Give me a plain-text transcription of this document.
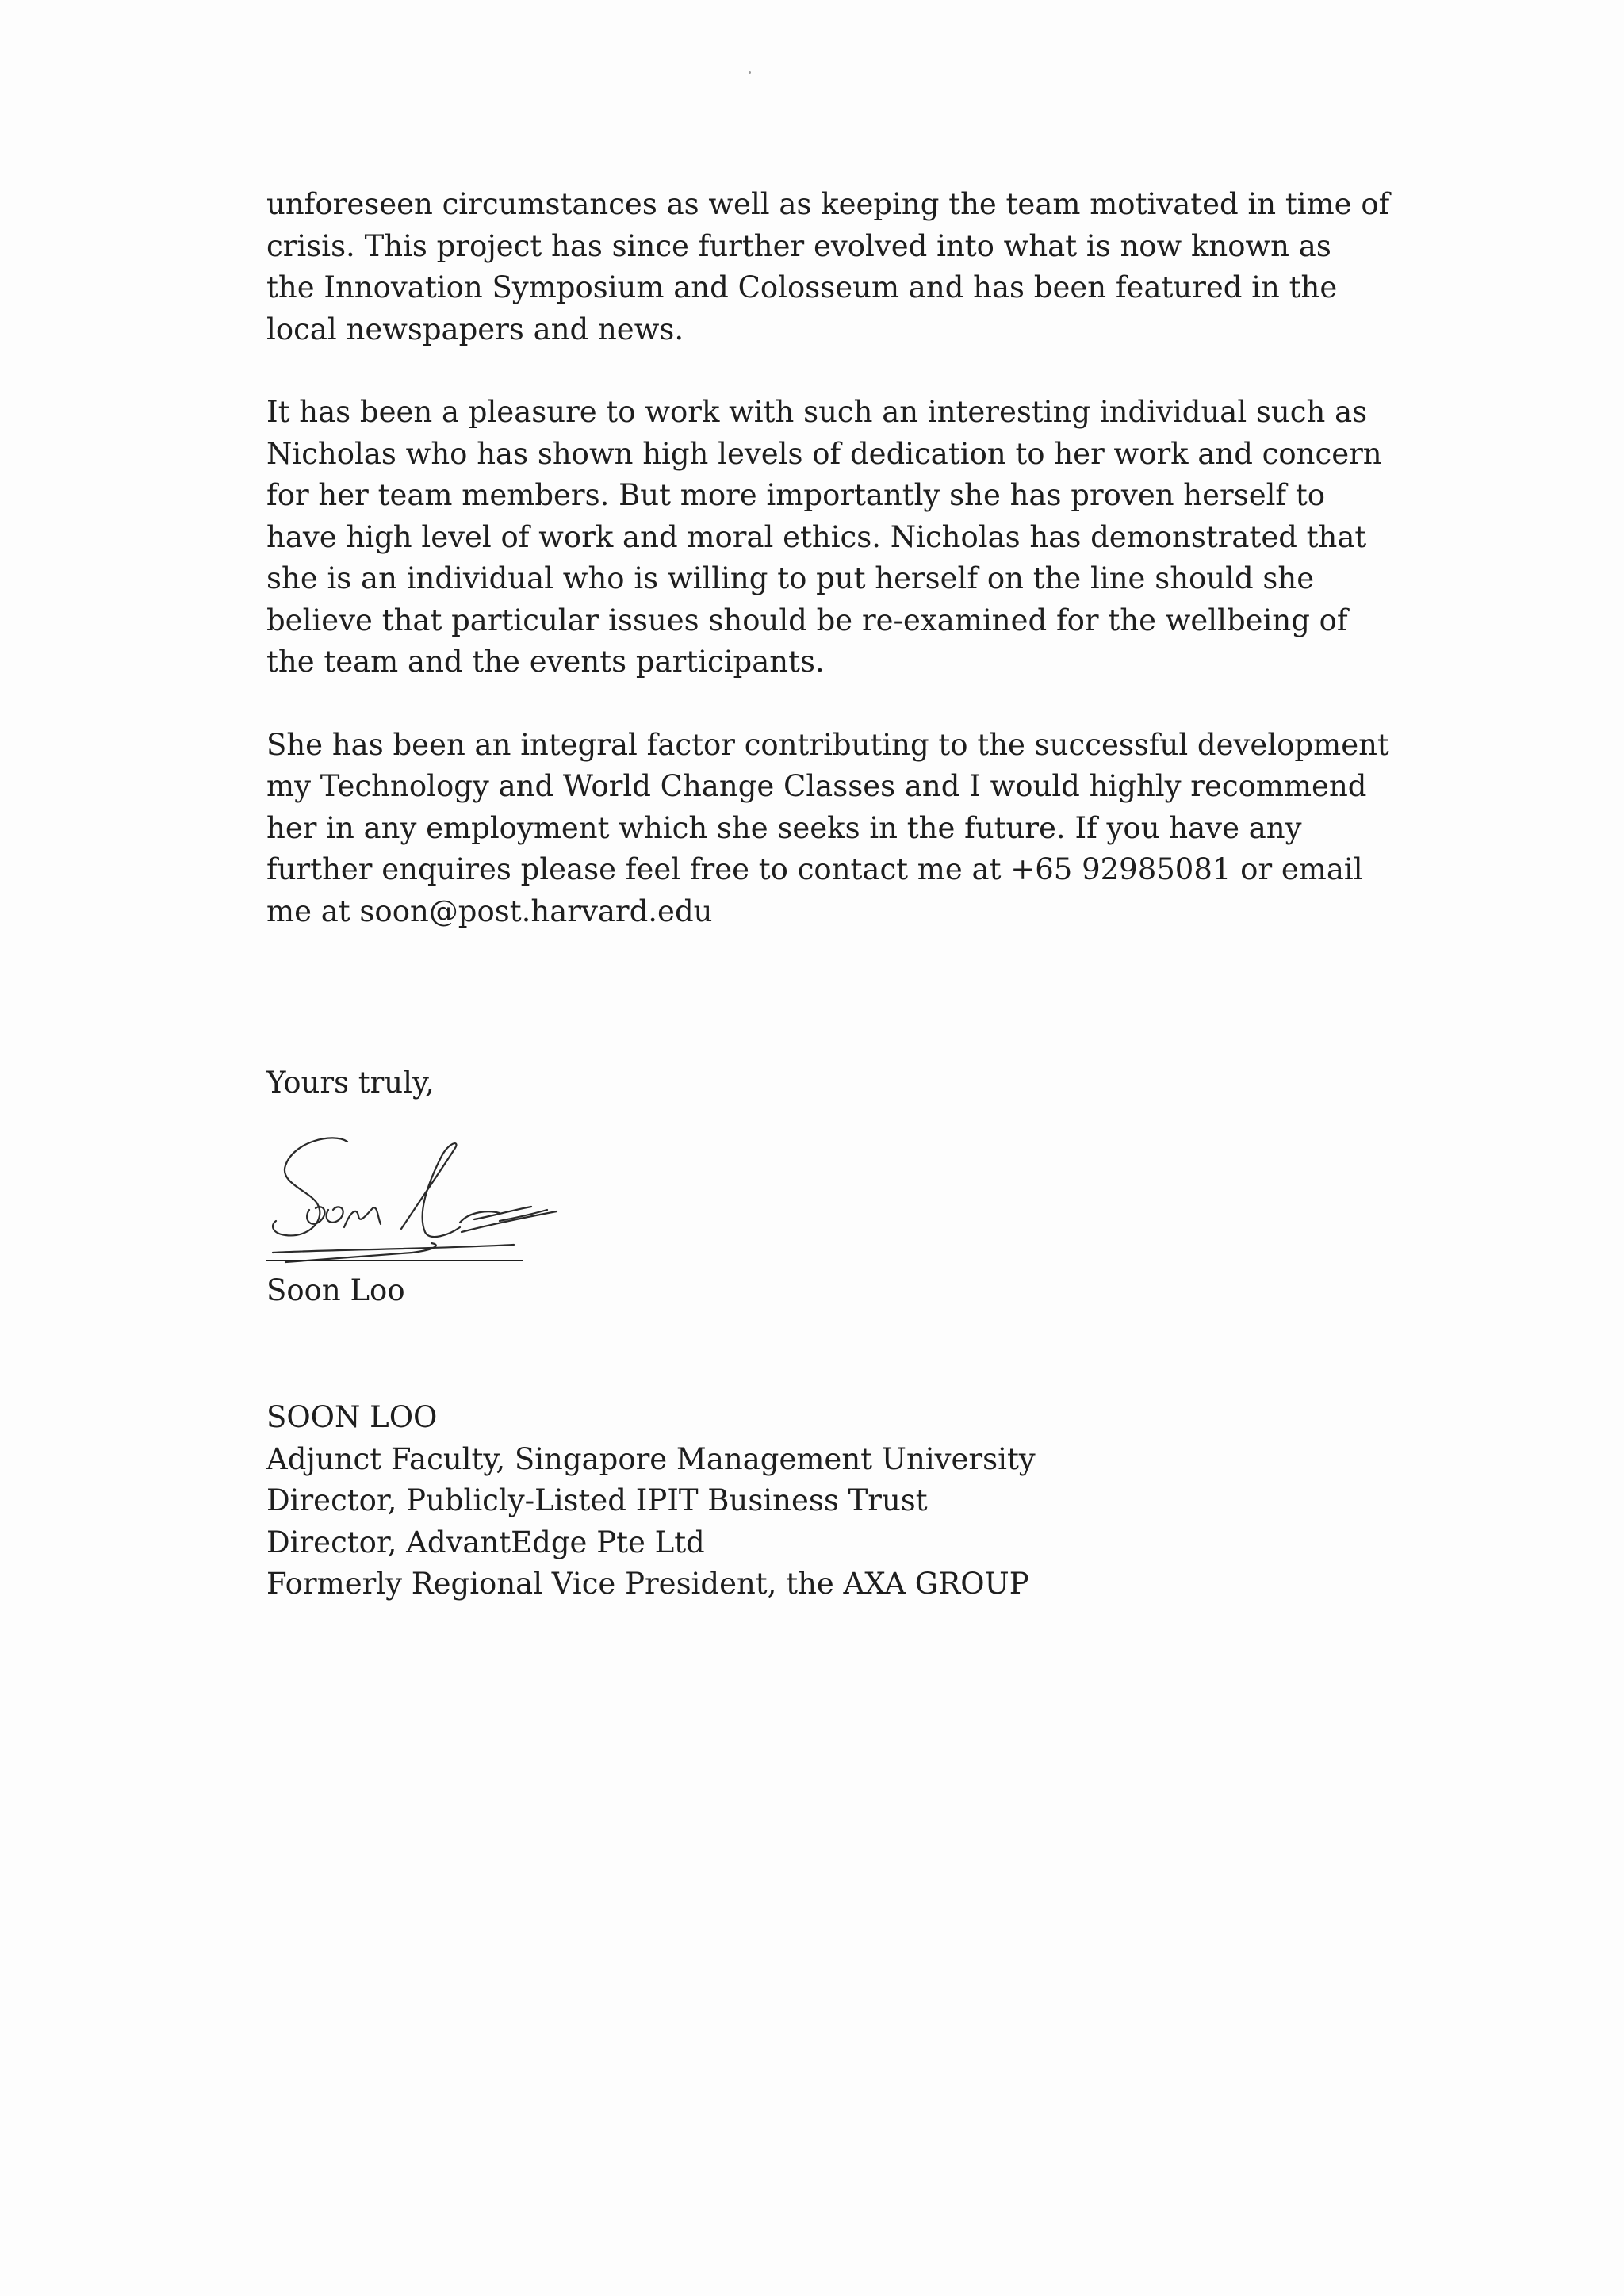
unforeseen circumstances as well as keeping the team motivated in time of
crisis. This project has since further evolved into what is now known as
the Innovation Symposium and Colosseum and has been featured in the
local newspapers and news.

It has been a pleasure to work with such an interesting individual such as
Nicholas who has shown high levels of dedication to her work and concern
for her team members. But more importantly she has proven herself to
have high level of work and moral ethics. Nicholas has demonstrated that
she is an individual who is willing to put herself on the line should she
believe that particular issues should be re-examined for the wellbeing of
the team and the events participants.

She has been an integral factor contributing to the successful development
my Technology and World Change Classes and I would highly recommend
her in any employment which she seeks in the future. If you have any
further enquires please feel free to contact me at +65 92985081 or email
me at soon@post.harvard.edu

Yours truly,
Soon Loo
SOON LOO
Adjunct Faculty, Singapore Management University
Director, Publicly-Listed IPIT Business Trust
Director, AdvantEdge Pte Ltd
Formerly Regional Vice President, the AXA GROUP
